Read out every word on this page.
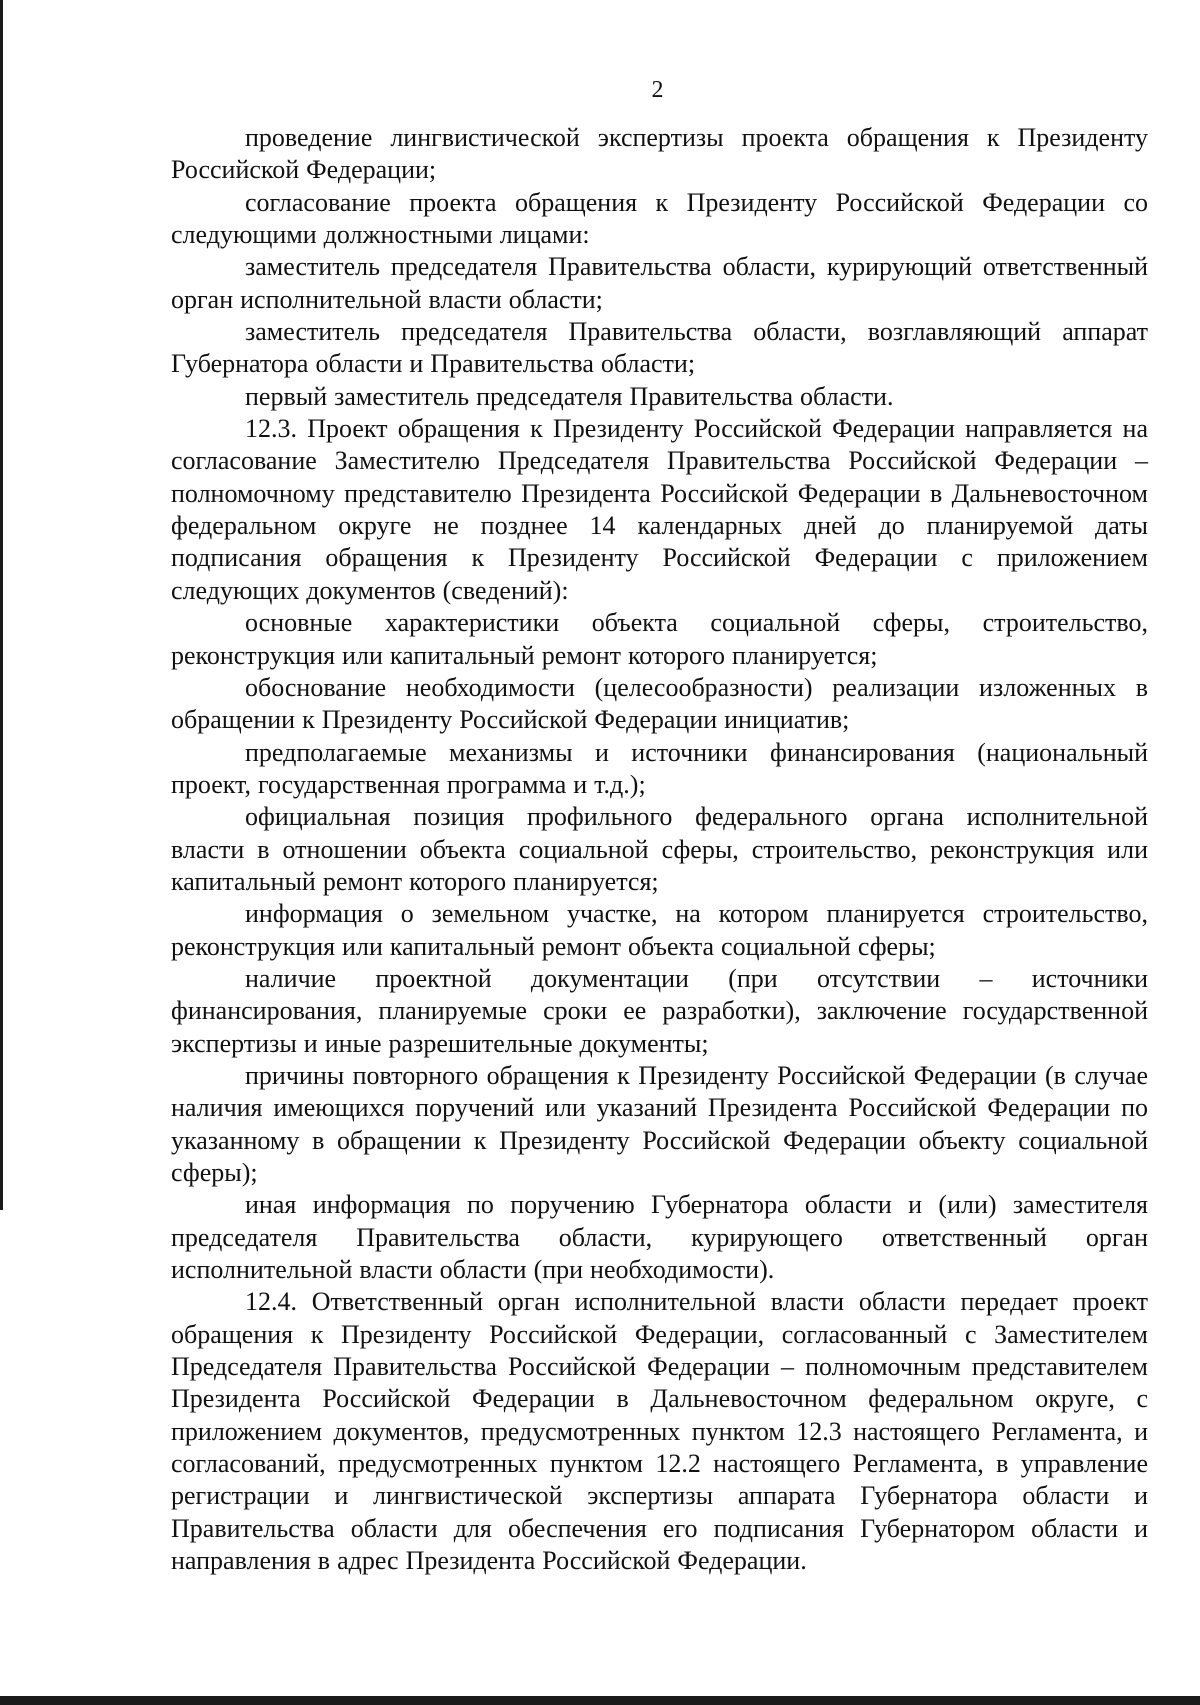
2

проведение лингвистической экспертизы проекта обращения к Президенту Российской Федерации;

согласование проекта обращения к Президенту Российской Федерации со следующими должностными лицами:

заместитель председателя Правительства области, курирующий ответственный орган исполнительной власти области;

заместитель председателя Правительства области, возглавляющий аппарат Губернатора области и Правительства области;

первый заместитель председателя Правительства области.

12.3. Проект обращения к Президенту Российской Федерации направляется на согласование Заместителю Председателя Правительства Российской Федерации – полномочному представителю Президента Российской Федерации в Дальневосточном федеральном округе не позднее 14 календарных дней до планируемой даты подписания обращения к Президенту Российской Федерации с приложением следующих документов (сведений):

основные характеристики объекта социальной сферы, строительство, реконструкция или капитальный ремонт которого планируется;

обоснование необходимости (целесообразности) реализации изложенных в обращении к Президенту Российской Федерации инициатив;

предполагаемые механизмы и источники финансирования (национальный проект, государственная программа и т.д.);

официальная позиция профильного федерального органа исполнительной власти в отношении объекта социальной сферы, строительство, реконструкция или капитальный ремонт которого планируется;

информация о земельном участке, на котором планируется строительство, реконструкция или капитальный ремонт объекта социальной сферы;

наличие проектной документации (при отсутствии – источники финансирования, планируемые сроки ее разработки), заключение государственной экспертизы и иные разрешительные документы;

причины повторного обращения к Президенту Российской Федерации (в случае наличия имеющихся поручений или указаний Президента Российской Федерации по указанному в обращении к Президенту Российской Федерации объекту социальной сферы);

иная информация по поручению Губернатора области и (или) заместителя председателя Правительства области, курирующего ответственный орган исполнительной власти области (при необходимости).

12.4. Ответственный орган исполнительной власти области передает проект обращения к Президенту Российской Федерации, согласованный с Заместителем Председателя Правительства Российской Федерации – полномочным представителем Президента Российской Федерации в Дальневосточном федеральном округе, с приложением документов, предусмотренных пунктом 12.3 настоящего Регламента, и согласований, предусмотренных пунктом 12.2 настоящего Регламента, в управление регистрации и лингвистической экспертизы аппарата Губернатора области и Правительства области для обеспечения его подписания Губернатором области и направления в адрес Президента Российской Федерации.
